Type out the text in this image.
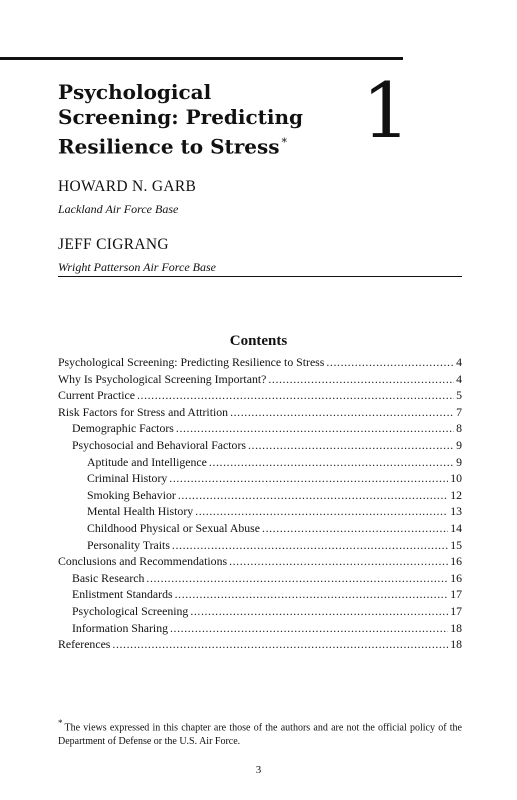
Psychological
Screening: Predicting
Resilience to Stress * 1
HOWARD N. GARB
Lackland Air Force Base
JEFF CIGRANG
Wright Patterson Air Force Base
Contents
Psychological Screening: Predicting Resilience to Stress .....	4
Why Is Psychological Screening Important? .....	4
Current Practice .....	5
Risk Factors for Stress and Attrition .....	7
Demographic Factors .....	8
Psychosocial and Behavioral Factors .....	9
Aptitude and Intelligence .....	9
Criminal History .....	10
Smoking Behavior .....	12
Mental Health History .....	13
Childhood Physical or Sexual Abuse .....	14
Personality Traits .....	15
Conclusions and Recommendations .....	16
Basic Research .....	16
Enlistment Standards .....	17
Psychological Screening .....	17
Information Sharing .....	18
References .....	18
* The views expressed in this chapter are those of the authors and are not the official policy of the Department of Defense or the U.S. Air Force.
3
